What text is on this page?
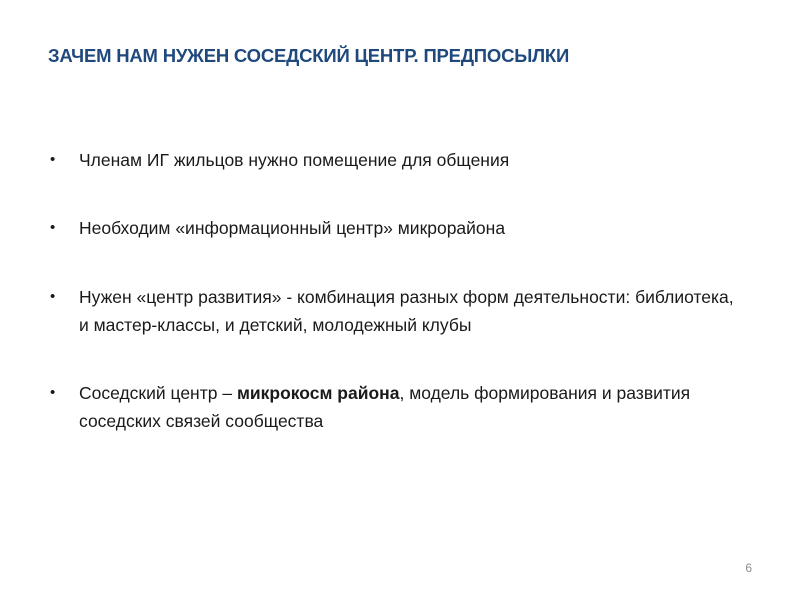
ЗАЧЕМ НАМ НУЖЕН СОСЕДСКИЙ ЦЕНТР. ПРЕДПОСЫЛКИ
• Членам ИГ жильцов нужно помещение для общения
• Необходим «информационный центр» микрорайона
• Нужен «центр развития» - комбинация разных форм деятельности: библиотека, и мастер-классы, и детский, молодежный клубы
• Соседский центр – микрокосм района, модель формирования и развития соседских связей сообщества
6
